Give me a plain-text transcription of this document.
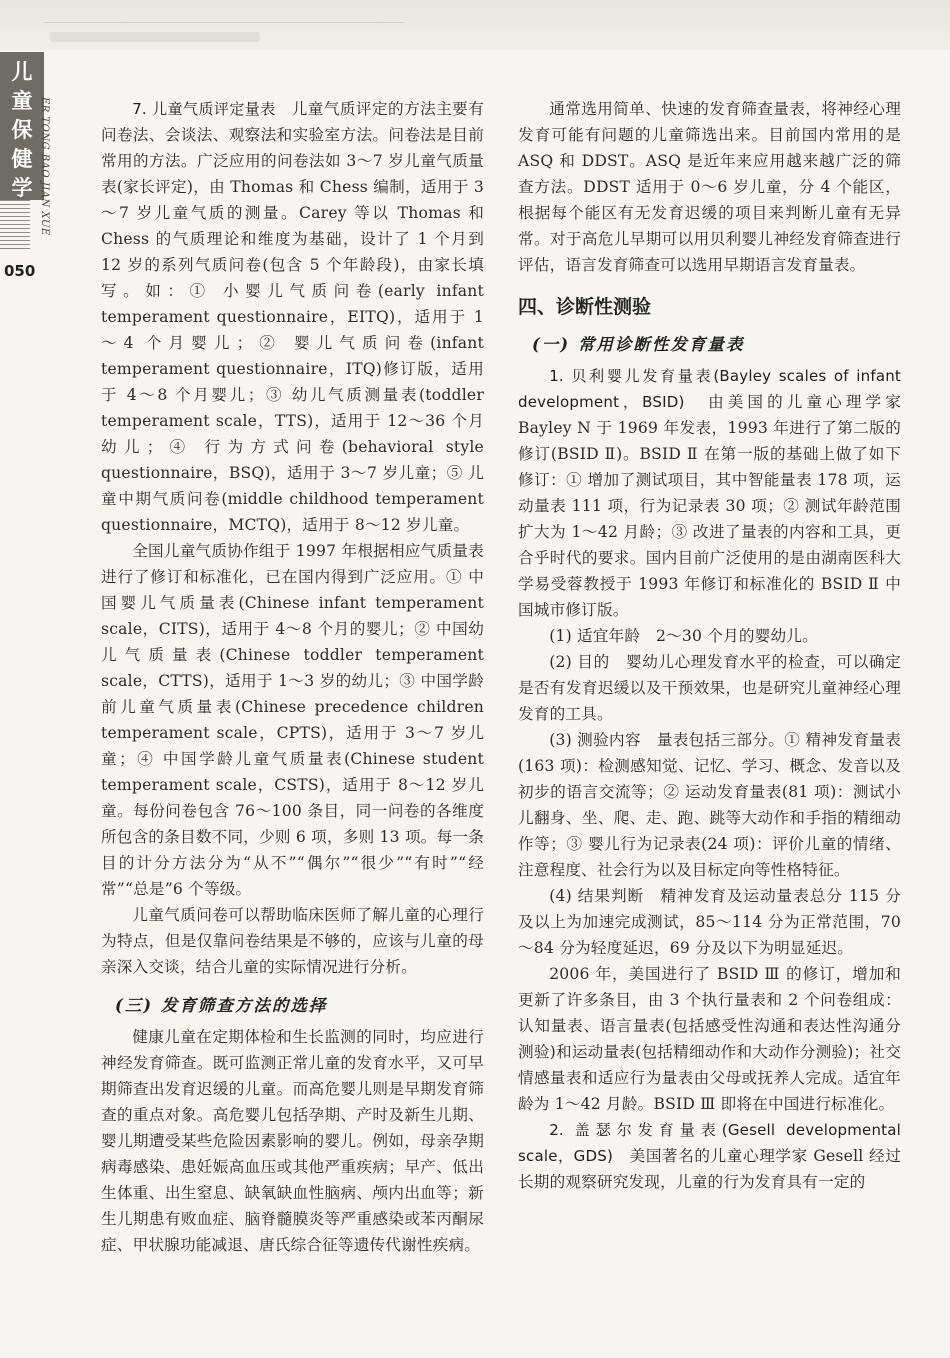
儿
童
保
健
学 ER TONG BAO JIAN XUE
050

7. 儿童气质评定量表　儿童气质评定的方法主要有问卷法、会谈法、观察法和实验室方法。问卷法是目前常用的方法。广泛应用的问卷法如 3～7 岁儿童气质量表(家长评定)，由 Thomas 和 Chess 编制，适用于 3～7 岁儿童气质的测量。Carey 等以 Thomas 和 Chess 的气质理论和维度为基础，设计了 1 个月到 12 岁的系列气质问卷(包含 5 个年龄段)，由家长填写。如：① 小婴儿气质问卷(early infant temperament questionnaire，EITQ)，适用于 1～4 个月婴儿；② 婴儿气质问卷(infant temperament questionnaire，ITQ)修订版，适用于 4～8 个月婴儿；③ 幼儿气质测量表(toddler temperament scale，TTS)，适用于 12～36 个月幼儿；④ 行为方式问卷(behavioral style questionnaire，BSQ)，适用于 3～7 岁儿童；⑤ 儿童中期气质问卷(middle childhood temperament questionnaire，MCTQ)，适用于 8～12 岁儿童。

全国儿童气质协作组于 1997 年根据相应气质量表进行了修订和标准化，已在国内得到广泛应用。① 中国婴儿气质量表(Chinese infant temperament scale，CITS)，适用于 4～8 个月的婴儿；② 中国幼儿气质量表(Chinese toddler temperament scale，CTTS)，适用于 1～3 岁的幼儿；③ 中国学龄前儿童气质量表(Chinese precedence children temperament scale，CPTS)，适用于 3～7 岁儿童；④ 中国学龄儿童气质量表(Chinese student temperament scale，CSTS)，适用于 8～12 岁儿童。每份问卷包含 76～100 条目，同一问卷的各维度所包含的条目数不同，少则 6 项，多则 13 项。每一条目的计分方法分为“从不”“偶尔”“很少”“有时”“经常”“总是”6 个等级。

儿童气质问卷可以帮助临床医师了解儿童的心理行为特点，但是仅靠问卷结果是不够的，应该与儿童的母亲深入交谈，结合儿童的实际情况进行分析。

(三) 发育筛查方法的选择

健康儿童在定期体检和生长监测的同时，均应进行神经发育筛查。既可监测正常儿童的发育水平，又可早期筛查出发育迟缓的儿童。而高危婴儿则是早期发育筛查的重点对象。高危婴儿包括孕期、产时及新生儿期、婴儿期遭受某些危险因素影响的婴儿。例如，母亲孕期病毒感染、患妊娠高血压或其他严重疾病；早产、低出生体重、出生窒息、缺氧缺血性脑病、颅内出血等；新生儿期患有败血症、脑脊髓膜炎等严重感染或苯丙酮尿症、甲状腺功能减退、唐氏综合征等遗传代谢性疾病。

通常选用简单、快速的发育筛查量表，将神经心理发育可能有问题的儿童筛选出来。目前国内常用的是 ASQ 和 DDST。ASQ 是近年来应用越来越广泛的筛查方法。DDST 适用于 0～6 岁儿童，分 4 个能区，根据每个能区有无发育迟缓的项目来判断儿童有无异常。对于高危儿早期可以用贝利婴儿神经发育筛查进行评估，语言发育筛查可以选用早期语言发育量表。

四、诊断性测验
(一) 常用诊断性发育量表

1. 贝利婴儿发育量表(Bayley scales of infant development，BSID)　由美国的儿童心理学家 Bayley N 于 1969 年发表，1993 年进行了第二版的修订(BSID Ⅱ)。BSID Ⅱ 在第一版的基础上做了如下修订：① 增加了测试项目，其中智能量表 178 项，运动量表 111 项，行为记录表 30 项；② 测试年龄范围扩大为 1～42 月龄；③ 改进了量表的内容和工具，更合乎时代的要求。国内目前广泛使用的是由湖南医科大学易受蓉教授于 1993 年修订和标准化的 BSID Ⅱ 中国城市修订版。

(1) 适宜年龄　2～30 个月的婴幼儿。

(2) 目的　婴幼儿心理发育水平的检查，可以确定是否有发育迟缓以及干预效果，也是研究儿童神经心理发育的工具。

(3) 测验内容　量表包括三部分。① 精神发育量表(163 项)：检测感知觉、记忆、学习、概念、发音以及初步的语言交流等；② 运动发育量表(81 项)：测试小儿翻身、坐、爬、走、跑、跳等大动作和手指的精细动作等；③ 婴儿行为记录表(24 项)：评价儿童的情绪、注意程度、社会行为以及目标定向等性格特征。

(4) 结果判断　精神发育及运动量表总分 115 分及以上为加速完成测试，85～114 分为正常范围，70～84 分为轻度延迟，69 分及以下为明显延迟。

2006 年，美国进行了 BSID Ⅲ 的修订，增加和更新了许多条目，由 3 个执行量表和 2 个问卷组成：认知量表、语言量表(包括感受性沟通和表达性沟通分测验)和运动量表(包括精细动作和大动作分测验)；社交情感量表和适应行为量表由父母或抚养人完成。适宜年龄为 1～42 月龄。BSID Ⅲ 即将在中国进行标准化。

2. 盖瑟尔发育量表(Gesell developmental scale，GDS)　美国著名的儿童心理学家 Gesell 经过长期的观察研究发现，儿童的行为发育具有一定的
